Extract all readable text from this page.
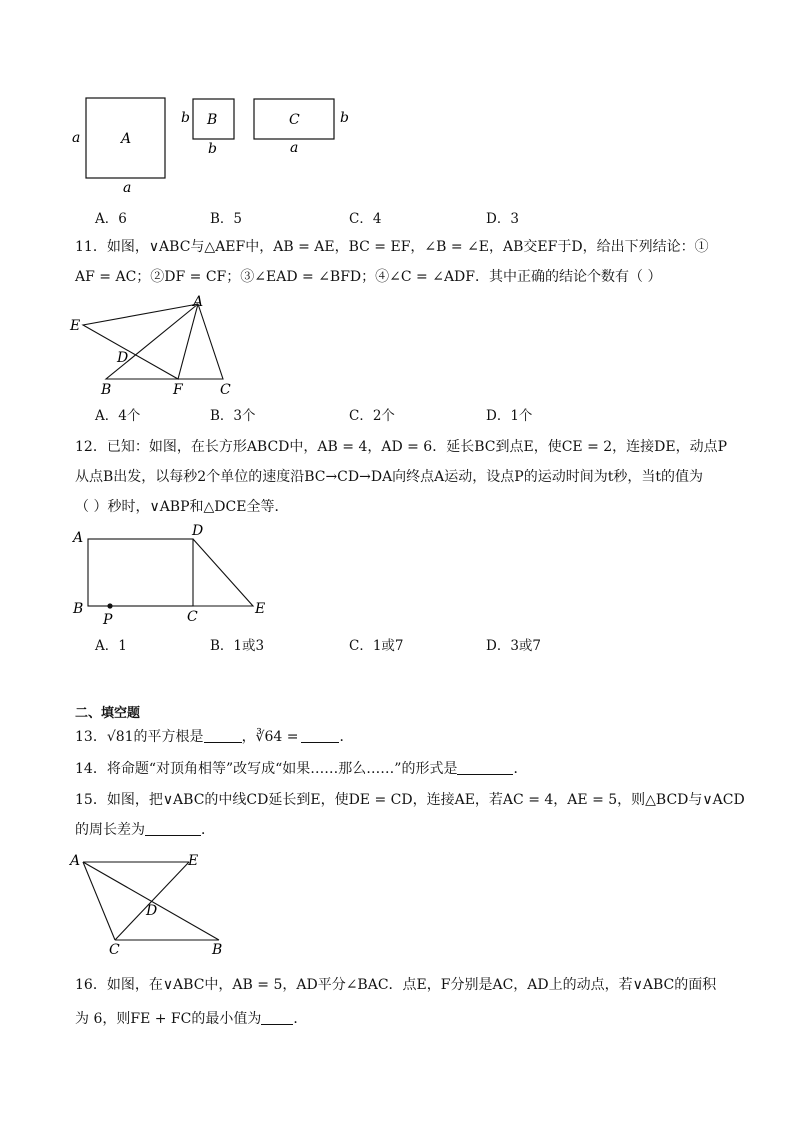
A
a
a
B
b
b
C	b
a
A．6	B．5	C．4	D．3
11．如图，∨ABC与△AEF中，AB = AE，BC = EF，∠B = ∠E，AB交EF于D，给出下列结论：①
AF = AC；②DF = CF；③∠EAD = ∠BFD；④∠C = ∠ADF．其中正确的结论个数有（ ）
A
E
D
B	F	C
A．4个	B．3个	C．2个	D．1个
12．已知：如图，在长方形ABCD中，AB = 4，AD = 6．延长BC到点E，使CE = 2，连接DE，动点P
从点B出发，以每秒2个单位的速度沿BC→CD→DA向终点A运动，设点P的运动时间为t秒，当t的值为
（ ）秒时，∨ABP和△DCE全等．
A	D
B
P	C	E
A．1	B．1或3	C．1或7	D．3或7
二、填空题
13．√81的平方根是	，∛64 =	．
14．将命题“对顶角相等”改写成“如果……那么……”的形式是	．
15．如图，把∨ABC的中线CD延长到E，使DE = CD，连接AE，若AC = 4，AE = 5，则△BCD与∨ACD
的周长差为	．
A	E
D
C	B
16．如图，在∨ABC中，AB = 5，AD平分∠BAC．点E，F分别是AC，AD上的动点，若∨ABC的面积
为 6，则FE + FC的最小值为 ．
